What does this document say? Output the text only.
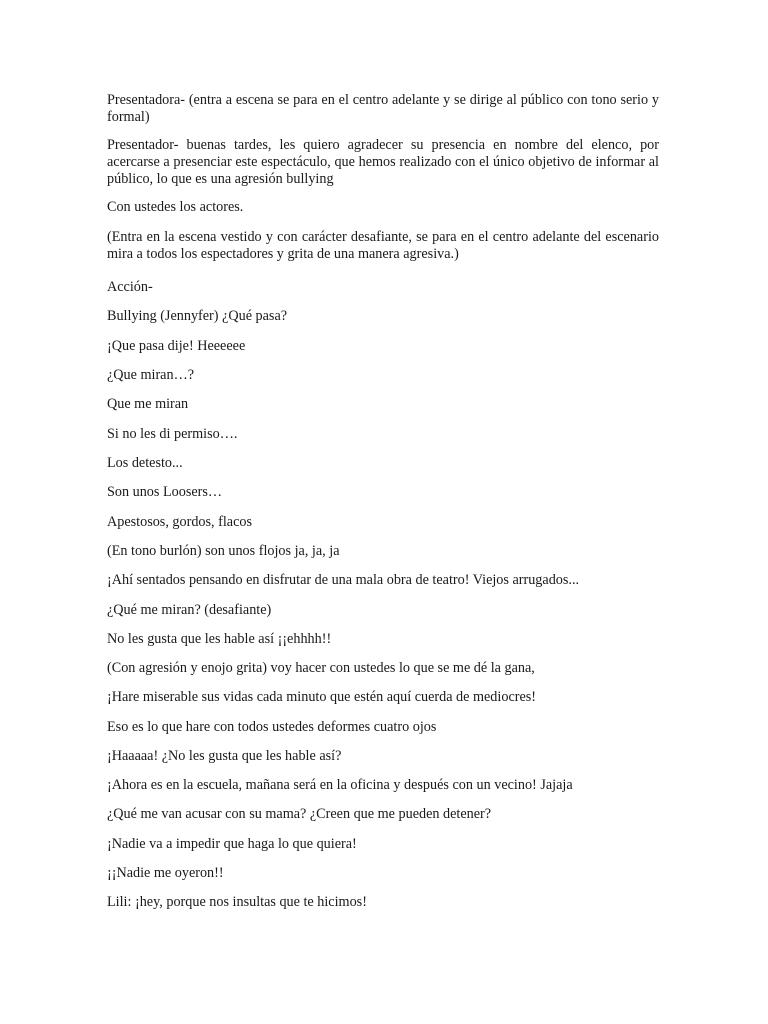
Presentadora- (entra a escena se para en el centro adelante y se dirige al público con tono serio y formal)

Presentador- buenas tardes, les quiero agradecer su presencia en nombre del elenco, por acercarse a presenciar este espectáculo, que hemos realizado con el único objetivo de informar al público, lo que es una agresión bullying

Con ustedes los actores.

(Entra en la escena vestido y con carácter desafiante, se para en el centro adelante del escenario mira a todos los espectadores y grita de una manera agresiva.)

Acción-

Bullying (Jennyfer) ¿Qué pasa?

¡Que pasa dije! Heeeeee

¿Que miran…?

Que me miran

Si no les di permiso….

Los detesto...

Son unos Loosers…

Apestosos, gordos, flacos

(En tono burlón) son unos flojos ja, ja, ja

¡Ahí sentados pensando en disfrutar de una mala obra de teatro! Viejos arrugados...

¿Qué me miran? (desafiante)

No les gusta que les hable así ¡¡ehhhh!!

(Con agresión y enojo grita) voy hacer con ustedes lo que se me dé la gana,

¡Hare miserable sus vidas cada minuto que estén aquí cuerda de mediocres!

Eso es lo que hare con todos ustedes deformes cuatro ojos

¡Haaaaa! ¿No les gusta que les hable así?

¡Ahora es en la escuela, mañana será en la oficina y después con un vecino! Jajaja

¿Qué me van acusar con su mama? ¿Creen que me pueden detener?

¡Nadie va a impedir que haga lo que quiera!

¡¡Nadie me oyeron!!

Lili: ¡hey, porque nos insultas que te hicimos!
